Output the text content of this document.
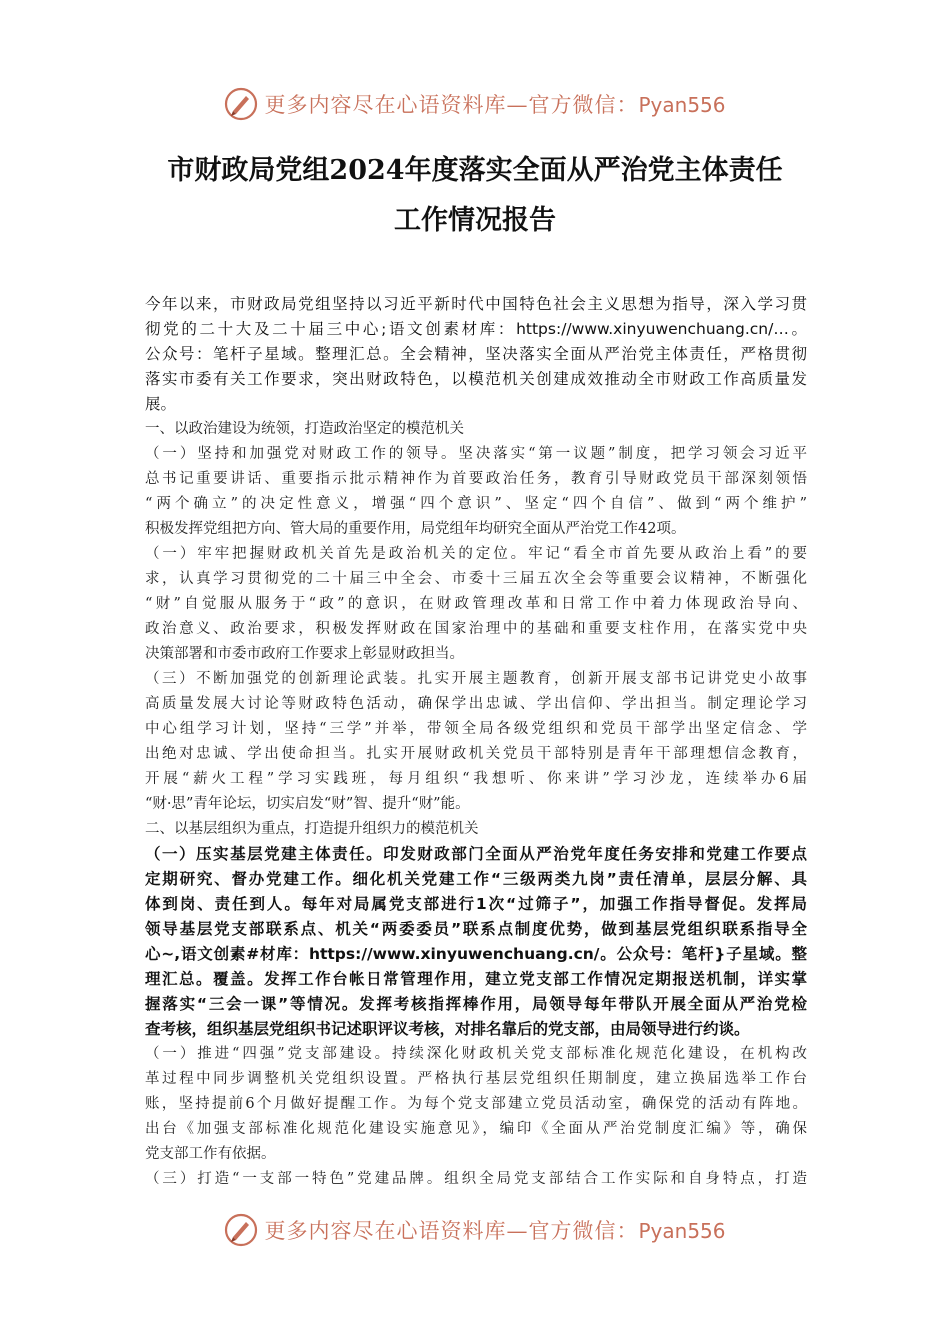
更多内容尽在心语资料库—官方微信：Pyan556
市财政局党组2024年度落实全面从严治党主体责任
工作情况报告
今年以来，市财政局党组坚持以习近平新时代中国特色社会主义思想为指导，深入学习贯
彻党的二十大及二十届三中心;语文创素材库：https://www.xinyuwenchuang.cn/…。
公众号：笔杆子星域。整理汇总。全会精神，坚决落实全面从严治党主体责任，严格贯彻
落实市委有关工作要求，突出财政特色，以模范机关创建成效推动全市财政工作高质量发
展。
一、以政治建设为统领，打造政治坚定的模范机关
（一）坚持和加强党对财政工作的领导。坚决落实“第一议题”制度，把学习领会习近平
总书记重要讲话、重要指示批示精神作为首要政治任务，教育引导财政党员干部深刻领悟
“两个确立”的决定性意义，增强“四个意识”、坚定“四个自信”、做到“两个维护”
积极发挥党组把方向、管大局的重要作用，局党组年均研究全面从严治党工作42项。
（一）牢牢把握财政机关首先是政治机关的定位。牢记“看全市首先要从政治上看”的要
求，认真学习贯彻党的二十届三中全会、市委十三届五次全会等重要会议精神，不断强化
“财”自觉服从服务于“政”的意识，在财政管理改革和日常工作中着力体现政治导向、
政治意义、政治要求，积极发挥财政在国家治理中的基础和重要支柱作用，在落实党中央
决策部署和市委市政府工作要求上彰显财政担当。
（三）不断加强党的创新理论武装。扎实开展主题教育，创新开展支部书记讲党史小故事
高质量发展大讨论等财政特色活动，确保学出忠诚、学出信仰、学出担当。制定理论学习
中心组学习计划，坚持“三学”并举，带领全局各级党组织和党员干部学出坚定信念、学
出绝对忠诚、学出使命担当。扎实开展财政机关党员干部特别是青年干部理想信念教育，
开展“薪火工程”学习实践班，每月组织“我想听、你来讲”学习沙龙，连续举办6届
“财·思”青年论坛，切实启发“财”智、提升“财”能。
二、以基层组织为重点，打造提升组织力的模范机关
（一）压实基层党建主体责任。印发财政部门全面从严治党年度任务安排和党建工作要点
定期研究、督办党建工作。细化机关党建工作“三级两类九岗”责任清单，层层分解、具
体到岗、责任到人。每年对局属党支部进行1次“过筛子”，加强工作指导督促。发挥局
领导基层党支部联系点、机关“两委委员”联系点制度优势，做到基层党组织联系指导全
心~,语文创素#材库：https://www.xinyuwenchuang.cn/。公众号：笔杆}子星域。整
理汇总。覆盖。发挥工作台帐日常管理作用，建立党支部工作情况定期报送机制，详实掌
握落实“三会一课”等情况。发挥考核指挥棒作用，局领导每年带队开展全面从严治党检
查考核，组织基层党组织书记述职评议考核，对排名靠后的党支部，由局领导进行约谈。
（一）推进“四强”党支部建设。持续深化财政机关党支部标准化规范化建设，在机构改
革过程中同步调整机关党组织设置。严格执行基层党组织任期制度，建立换届选举工作台
账，坚持提前6个月做好提醒工作。为每个党支部建立党员活动室，确保党的活动有阵地。
出台《加强支部标准化规范化建设实施意见》，编印《全面从严治党制度汇编》等，确保
党支部工作有依据。
（三）打造“一支部一特色”党建品牌。组织全局党支部结合工作实际和自身特点，打造
更多内容尽在心语资料库—官方微信：Pyan556
